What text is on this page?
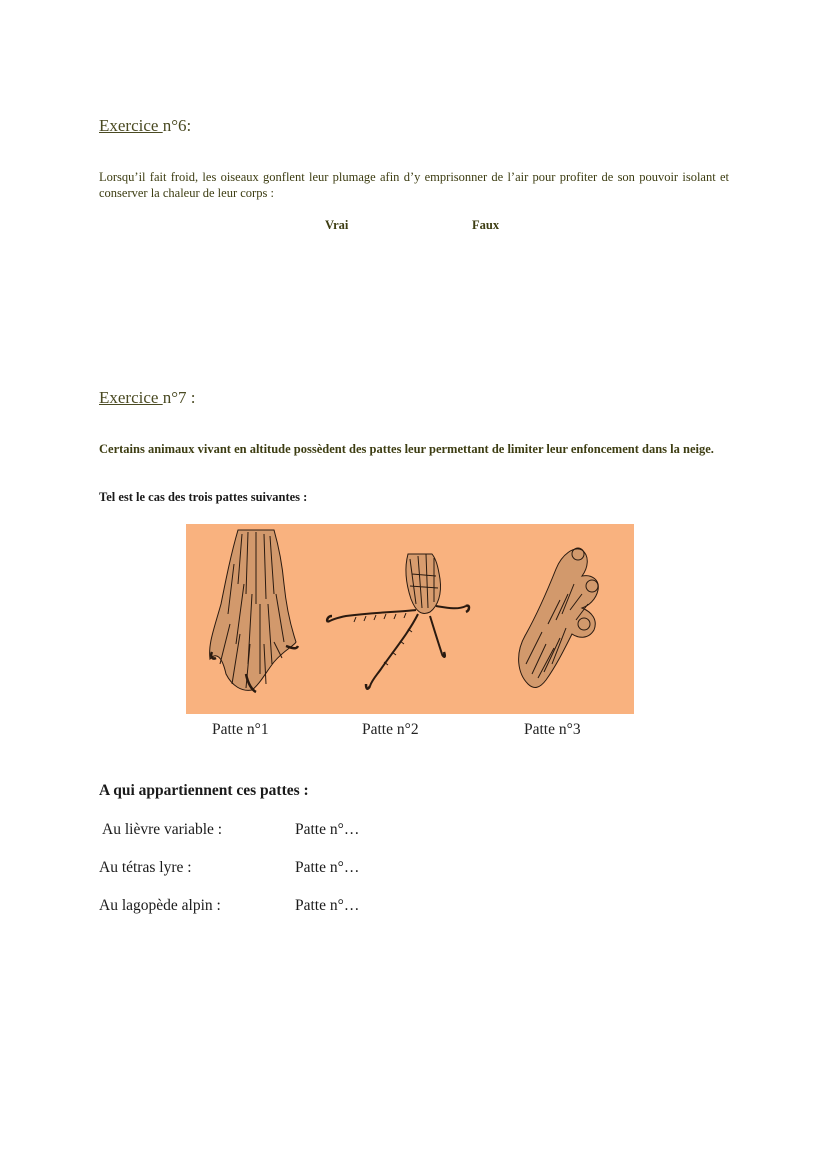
Exercice n°6:
Lorsqu’il fait froid, les oiseaux gonflent leur plumage afin d’y emprisonner de l’air pour profiter de son pouvoir isolant et conserver la chaleur de leur corps :
Vrai	Faux
Exercice n°7 :
Certains animaux vivant en altitude possèdent des pattes leur permettant de limiter leur enfoncement dans la neige.
Tel est le cas des trois pattes suivantes :
Patte n°1	Patte n°2	Patte n°3
A qui appartiennent ces pattes :
Au lièvre variable :	Patte n°…
Au tétras lyre :	Patte n°…
Au lagopède alpin :	Patte n°…
